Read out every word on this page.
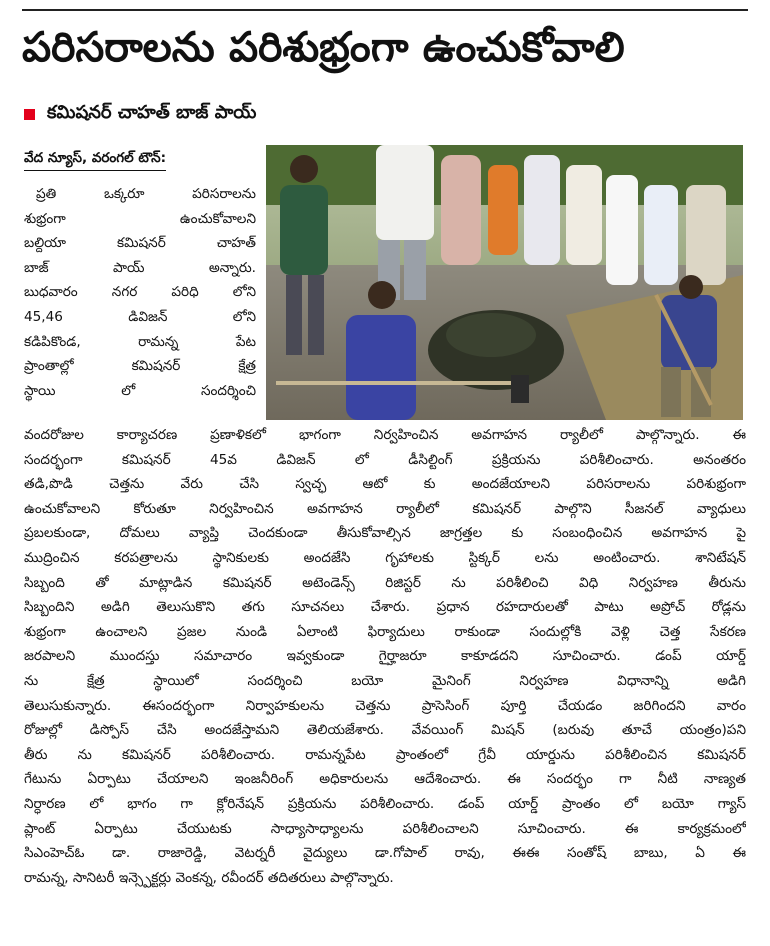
పరిసరాలను పరిశుభ్రంగా ఉంచుకోవాలి
కమిషనర్ చాహత్ బాజ్ పాయ్
వేద న్యూస్, వరంగల్ టౌన్:
ప్రతి ఒక్కరూ పరిసరాలను
శుభ్రంగా ఉంచుకోవాలని
బల్దియా కమిషనర్ చాహత్
బాజ్ పాయ్ అన్నారు.
బుధవారం నగర పరిధి లోని
45,46 డివిజన్ లోని
కడిపికొండ, రామన్న పేట
ప్రాంతాల్లో కమిషనర్ క్షేత్ర
స్థాయి లో సందర్శించి
వందరోజుల కార్యాచరణ ప్రణాళికలో భాగంగా నిర్వహించిన అవగాహన ర్యాలీలో పాల్గొన్నారు. ఈ
సందర్భంగా కమిషనర్ 45వ డివిజన్ లో డీసిల్టింగ్ ప్రక్రియను పరిశీలించారు. అనంతరం
తడి,పొడి చెత్తను వేరు చేసి స్వచ్ఛ ఆటో కు అందజేయాలని పరిసరాలను పరిశుభ్రంగా
ఉంచుకోవాలని కోరుతూ నిర్వహించిన అవగాహన ర్యాలీలో కమిషనర్ పాల్గొని సీజనల్ వ్యాధులు
ప్రబలకుండా, దోమలు వ్యాప్తి చెందకుండా తీసుకోవాల్సిన జాగ్రత్తల కు సంబంధించిన అవగాహన పై
ముద్రించిన కరపత్రాలను స్థానికులకు అందజేసి గృహాలకు స్టిక్కర్ లను అంటించారు. శానిటేషన్
సిబ్బంది తో మాట్లాడిన కమిషనర్ అటెండెన్స్ రిజిస్టర్ ను పరిశీలించి విధి నిర్వహణ తీరును
సిబ్బందిని అడిగి తెలుసుకొని తగు సూచనలు చేశారు. ప్రధాన రహదారులతో పాటు అప్రోచ్ రోడ్లను
శుభ్రంగా ఉంచాలని ప్రజల నుండి ఏలాంటి ఫిర్యాదులు రాకుండా సందుల్లోకి వెళ్లి చెత్త సేకరణ
జరపాలని ముందస్తు సమాచారం ఇవ్వకుండా గైర్హాజరూ కాకూడదని సూచించారు. డంప్ యార్డ్
ను క్షేత్ర స్థాయిలో సందర్శించి బయో మైనింగ్ నిర్వహణ విధానాన్ని అడిగి
తెలుసుకున్నారు. ఈసందర్భంగా నిర్వాహకులను చెత్తను ప్రాసెసింగ్ పూర్తి చేయడం జరిగిందని వారం
రోజుల్లో డిస్పోస్ చేసి అందజేస్తామని తెలియజేశారు. వేవయింగ్ మిషన్ (బరువు తూచే యంత్రం)పని
తీరు ను కమిషనర్ పరిశీలించారు. రామన్నపేట ప్రాంతంలో గ్రేవీ యార్డును పరిశీలించిన కమిషనర్
గేటును ఏర్పాటు చేయాలని ఇంజనీరింగ్ అధికారులను ఆదేశించారు. ఈ సందర్భం గా నీటి నాణ్యత
నిర్ధారణ లో భాగం గా క్లోరినేషన్ ప్రక్రియను పరిశీలించారు. డంప్ యార్డ్ ప్రాంతం లో బయో గ్యాస్
ప్లాంట్ ఏర్పాటు చేయుటకు సాధ్యాసాధ్యాలను పరిశీలించాలని సూచించారు. ఈ కార్యక్రమంలో
సిఎంహెచ్ఓ డా. రాజారెడ్డి, వెటర్నరీ వైద్యులు డా.గోపాల్ రావు, ఈఈ సంతోష్ బాబు, ఏ ఈ
రామన్న, సానిటరీ ఇన్స్పెక్టర్లు వెంకన్న, రవీందర్ తదితరులు పాల్గొన్నారు.
